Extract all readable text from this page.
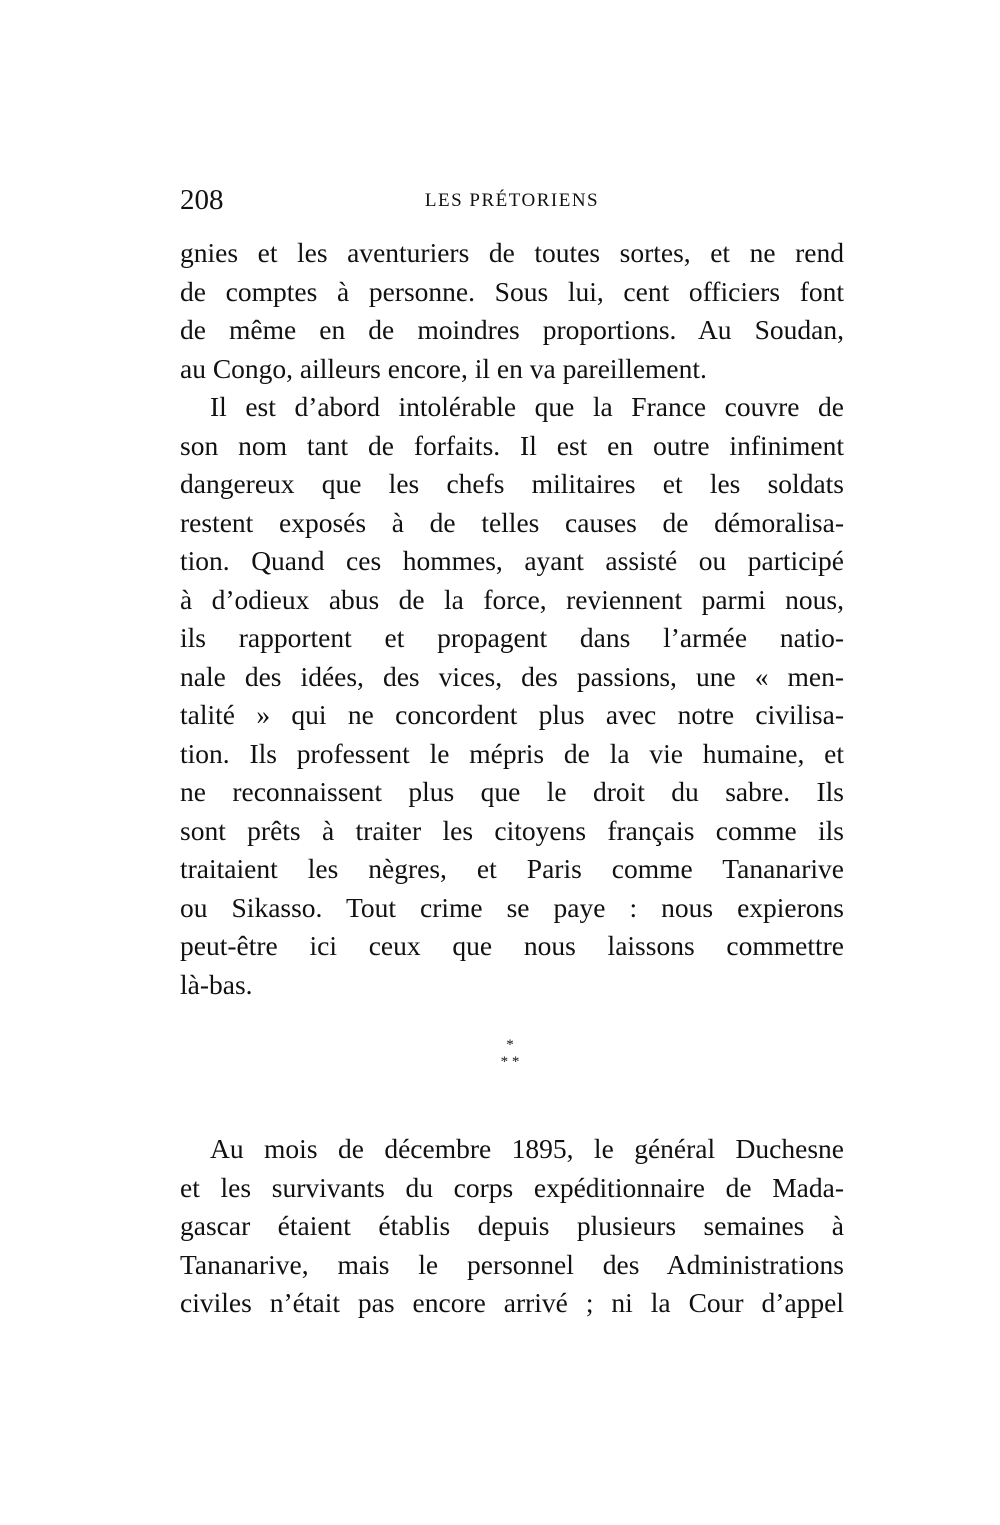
208	LES PRÉTORIENS

gnies et les aventuriers de toutes sortes, et ne rend
de comptes à personne. Sous lui, cent officiers font
de même en de moindres proportions. Au Soudan,
au Congo, ailleurs encore, il en va pareillement.

Il est d’abord intolérable que la France couvre de
son nom tant de forfaits. Il est en outre infiniment
dangereux que les chefs militaires et les soldats
restent exposés à de telles causes de démoralisa-
tion. Quand ces hommes, ayant assisté ou participé
à d’odieux abus de la force, reviennent parmi nous,
ils rapportent et propagent dans l’armée natio-
nale des idées, des vices, des passions, une « men-
talité » qui ne concordent plus avec notre civilisa-
tion. Ils professent le mépris de la vie humaine, et
ne reconnaissent plus que le droit du sabre. Ils
sont prêts à traiter les citoyens français comme ils
traitaient les nègres, et Paris comme Tananarive
ou Sikasso. Tout crime se paye : nous expierons
peut-être ici ceux que nous laissons commettre
là-bas.

*
* *

Au mois de décembre 1895, le général Duchesne
et les survivants du corps expéditionnaire de Mada-
gascar étaient établis depuis plusieurs semaines à
Tananarive, mais le personnel des Administrations
civiles n’était pas encore arrivé ; ni la Cour d’appel
